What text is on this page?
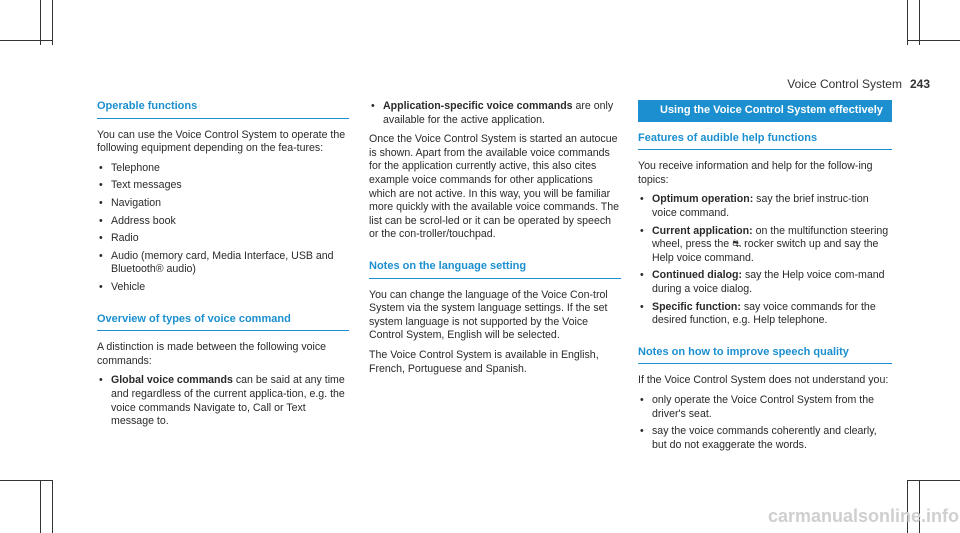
Voice Control System 243
Operable functions

You can use the Voice Control System to operate the following equipment depending on the fea-tures:

• Telephone
• Text messages
• Navigation
• Address book
• Radio
• Audio (memory card, Media Interface, USB and Bluetooth® audio)
• Vehicle
Overview of types of voice command

A distinction is made between the following voice commands:

• Global voice commands can be said at any time and regardless of the current applica-tion, e.g. the voice commands Navigate to, Call or Text message to.
• Application-specific voice commands are only available for the active application.

Once the Voice Control System is started an autocue is shown. Apart from the available voice commands for the application currently active, this also cites example voice commands for other applications which are not active. In this way, you will be familiar more quickly with the available voice commands. The list can be scrol-led or it can be operated by speech or the con-troller/touchpad.

Notes on the language setting

You can change the language of the Voice Con-trol System via the system language settings. If the set system language is not supported by the Voice Control System, English will be selected.

The Voice Control System is available in English, French, Portuguese and Spanish.

Using the Voice Control System effectively
Features of audible help functions

You receive information and help for the follow-ing topics:

• Optimum operation: say the brief instruc-tion voice command.
• Current application: on the multifunction steering wheel, press the ⛐ rocker switch up and say the Help voice command.
• Continued dialog: say the Help voice com-mand during a voice dialog.
• Specific function: say voice commands for the desired function, e.g. Help telephone.
Notes on how to improve speech quality

If the Voice Control System does not understand you:

• only operate the Voice Control System from the driver's seat.
• say the voice commands coherently and clearly, but do not exaggerate the words.
carmanualsonline.info
